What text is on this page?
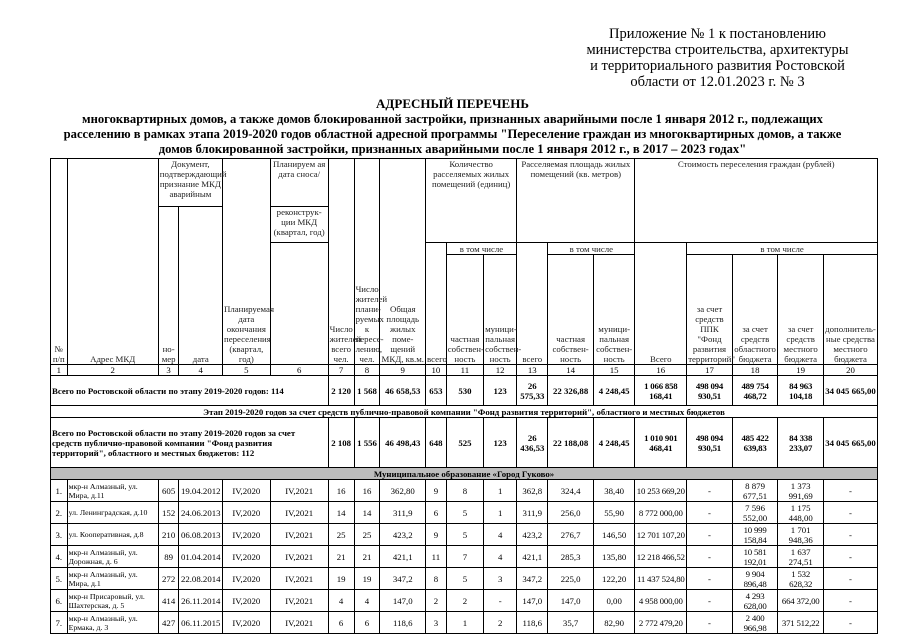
Приложение № 1 к постановлению
министерства строительства, архитектуры
и территориального развития Ростовской
области от 12.01.2023 г. № 3
АДРЕСНЫЙ ПЕРЕЧЕНЬ
многоквартирных домов, а также домов блокированной застройки, признанных аварийными после 1 января 2012 г., подлежащих расселению в рамках этапа 2019-2020 годов областной адресной программы "Переселение граждан из многоквартирных домов, а также домов блокированной застройки, признанных аварийными после 1 января 2012 г., в 2017 – 2023 годах"
№ п/п	Адрес МКД	Документ, подтверждающий признание МКД аварийным		Планируемая дата окончания переселения (квартал, год)	Планируем ая дата сноса/	Число жителей всего чел.	Число жителей плани- руемых к пересе- лению, чел.	Общая площадь жилых поме- щений МКД, кв.м.	Количество расселяемых жилых помещений (единиц)			Расселяемая площадь жилых помещений (кв. метров)			Стоимость переселения граждан (рублей)				
		но- мер	дата		реконструк- ции МКД (квартал, год)														
									всего	в том числе		всего	в том числе		Всего	в том числе			
										частная собствен- ность	муници- пальная собствен- ность		частная собствен- ность	муници- пальная собствен- ность		за счет средств ППК "Фонд развития территорий"	за счет средств областного бюджета	за счет средств местного бюджета	дополнитель- ные средства местного бюджета
1	2	3	4	5	6	7	8	9	10	11	12	13	14	15	16	17	18	19	20
Всего по Ростовской области по этапу 2019-2020 годов: 114						2 120	1 568	46 658,53	653	530	123	26 575,33	22 326,88	4 248,45	1 066 858 168,41	498 094 930,51	489 754 468,72	84 963 104,18	34 045 665,00
Этап 2019-2020 годов за счет средств публично-правовой компании "Фонд развития территорий", областного и местных бюджетов																			
Всего по Ростовской области по этапу 2019-2020 годов за счет средств публично-правовой компании "Фонд развития территорий", областного и местных бюджетов: 112						2 108	1 556	46 498,43	648	525	123	26 436,53	22 188,08	4 248,45	1 010 901 468,41	498 094 930,51	485 422 639,83	84 338 233,07	34 045 665,00
Муниципальное образование «Город Гуково»																			
1.	мкр-н Алмазный, ул. Мира, д.11	605	19.04.2012	IV,2020	IV,2021	16	16	362,80	9	8	1	362,8	324,4	38,40	10 253 669,20	-	8 879 677,51	1 373 991,69	-
2.	ул. Ленинградская, д.10	152	24.06.2013	IV,2020	IV,2021	14	14	311,9	6	5	1	311,9	256,0	55,90	8 772 000,00	-	7 596 552,00	1 175 448,00	-
3.	ул. Кооперативная, д.8	210	06.08.2013	IV,2020	IV,2021	25	25	423,2	9	5	4	423,2	276,7	146,50	12 701 107,20	-	10 999 158,84	1 701 948,36	-
4.	мкр-н Алмазный, ул. Дорожная, д. 6	89	01.04.2014	IV,2020	IV,2021	21	21	421,1	11	7	4	421,1	285,3	135,80	12 218 466,52	-	10 581 192,01	1 637 274,51	-
5.	мкр-н Алмазный, ул. Мира, д.1	272	22.08.2014	IV,2020	IV,2021	19	19	347,2	8	5	3	347,2	225,0	122,20	11 437 524,80	-	9 904 896,48	1 532 628,32	-
6.	мкр-н Присаровый, ул. Шахтерская, д. 5	414	26.11.2014	IV,2020	IV,2021	4	4	147,0	2	2	-	147,0	147,0	0,00	4 958 000,00	-	4 293 628,00	664 372,00	-
7.	мкр-н Алмазный, ул. Ермака, д. 3	427	06.11.2015	IV,2020	IV,2021	6	6	118,6	3	1	2	118,6	35,7	82,90	2 772 479,20	-	2 400 966,98	371 512,22	-
